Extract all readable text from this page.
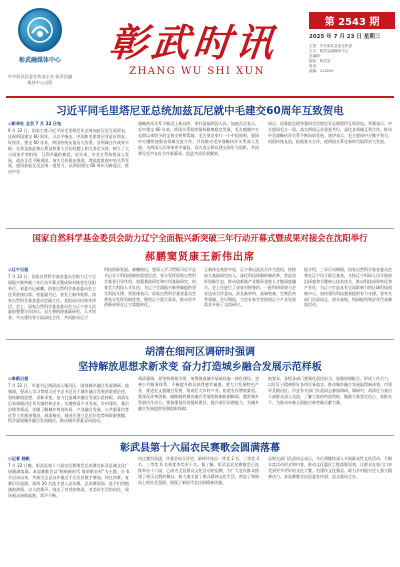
彰武融媒体中心
中共彰武县委宣传部主办 彰武县融媒体中心出版
彰武时讯
ZHANG WU SHI XUN
第 2543 期
2025 年 7 月 23 日 星期三
主管：中共彰武县委宣传部
主办：彰武县融媒体中心
总编辑：
地址：彰武县
电话：
邮编：123200
习近平同毛里塔尼亚总统加兹瓦尼就中毛建交60周年互致贺电
◎新华社 北京 7 月 22 日电
9 月 22 日，国家主席习近平同毛里塔尼亚总统加兹瓦尼互致贺电，庆祝两国建交 60 周年。习近平指出，中国和毛里塔尼亚是好朋友、好伙伴。建交 60 年来，两国传统友谊历久弥坚，各领域合作成果丰硕，在涉及彼此核心利益和重大关切问题上相互坚定支持，树立了大小国家平等相待、互利共赢的典范。近年来，中毛关系持续深入发展，政治互信不断巩固，务实合作稳步推进。我高度重视中毛关系发展，愿同加兹瓦尼总统一道努力，以两国建交 60 周年为新起点，推动中毛
战略伙伴关系不断迈上新台阶，更好造福两国人民。加兹瓦尼表示，毛中建交 60 年来，两国关系始终保持健康稳定发展，毛方感谢中方长期以来给予的宝贵支持和帮助。毛方坚定奉行一个中国原则，愿同中方继续加强各领域交流合作，共同推动毛中战略伙伴关系深入发展，为两国人民带来更多福祉。双方表示将以建交周年为契机，共同谱写毛中友好合作新篇章，促进共同发展繁荣。
同日，国务院总理李强同毛里塔尼亚总理贾伊互致贺电。李强表示，中方愿同毛方一道，落实两国元首重要共识，深化各领域互利合作，推动中毛战略伙伴关系不断向前发展。贾伊表示，毛方愿同中方携手努力，巩固传统友谊，拓展务实合作，使两国关系在新时代取得更大发展。
国家自然科学基金委员会助力辽宁全面振兴新突破三年行动开幕式暨成果对接会在沈阳举行
郝鹏窦贤康王新伟出席
◎辽宁日报
7 月 22 日，国家自然科学基金委员会助力辽宁全面振兴新突破三年行动开幕式暨成果对接会在沈阳举行。省委书记郝鹏，国家自然科学基金委员会主任窦贤康出席。省委副书记、省长王新伟致辞。国家自然科学基金委员会副主任、党组成员出席并讲话。会上，国家自然科学基金委员会与辽宁省人民政府签署合作协议，双方将围绕基础研究、人才培养、平台建设等方面深化合作，共同推动辽宁
科技创新发展。郝鹏指出，要深入学习贯彻习近平总书记关于科技创新的重要论述，充分发挥国家自然科学基金引导作用，加强基础研究和应用基础研究，培育壮大科技人才队伍，为辽宁全面振兴新突破提供坚实科技支撑。窦贤康表示，国家自然科学基金委员会将充分发挥资助优势，聚焦辽宁重大需求，推动更多创新成果在辽宁落地转化。
王新伟在致辞中说，辽宁将以此次合作为契机，持续加大基础研究投入，深化科技体制机制改革，营造良好创新生态，推动创新链产业链资金链人才链深度融合。会上还进行了成果对接签约，一批科研成果与企业达成合作意向，涉及新材料、高端装备、生物医药等领域。会议期间，与会专家学者围绕辽宁产业发展需求开展了交流研讨。
据介绍，三年行动期间，国家自然科学基金委员会将在辽宁设立联合基金，支持辽宁科研人员开展前沿探索和关键核心技术攻关，推动科技成果转化和产业化，为辽宁打造具有全国影响力的区域科技创新中心、加快建设科技强省提供有力支撑。省有关部门负责同志，部分高校、科研院所和企业代表参加活动。
胡清在细河区调研时强调
坚持解放思想求新求变 奋力打造城乡融合发展示范样板
◎阜新日报
7 月 22 日，市委书记胡清深入细河区，围绕城乡融合发展调研。他强调，要深入学习贯彻习近平总书记关于城乡融合发展的重要论述，坚持解放思想、求新求变，奋力打造城乡融合发展示范样板。胡清先后来到细河区有关镇村和企业，实地察看产业发展、乡村建设、基层治理等情况，详细了解城乡规划布局、产业融合发展、公共服务均等化等工作推进情况。胡清指出，细河区要立足区位优势和资源禀赋，科学谋划城乡融合发展路径，推动城乡要素双向流动。
胡清强调，要坚持规划引领，统筹推进城乡基础设施一体化建设，完善公共服务体系，不断提升群众获得感幸福感。要大力发展特色产业，推进农文旅融合发展，培育壮大乡村产业，拓宽农民增收渠道。要深化改革创新，破除制约城乡融合发展的体制机制障碍，激发城乡发展内生动力。要加强基层党组织建设，提升基层治理能力，为城乡融合发展提供坚强组织保障。
他要求，各级各部门要强化责任担当，加强协调配合，形成工作合力，以钉钉子精神抓好各项任务落实，推动城乡融合发展取得新成效。市领导及细河区、市直有关部门负责同志参加调研。调研中，胡清还与基层干部群众深入交流，了解大家的所思所盼，勉励大家坚定信心、真抓实干，为推动阜新全面振兴新突破贡献力量。
彰武县第十六届农民赛歌会圆满落幕
◎记者 杨帆
7 月 22 日晚，彰武县第十六届农民赛歌会总决赛在彰武县城文化广场圆满落幕。本届赛歌会以“唱响新时代 歌颂新农村”为主题，自 6 月启动以来，共吸引全县各乡镇近千名农民歌手参加，经过初赛、复赛层层选拔，最终 20 名选手进入总决赛。总决赛现场，选手们用饱满的热情、动人的歌声，唱出了对党的热爱、对美好生活的向往，现场观众热情高涨，掌声不断。
经过激烈角逐，评委会综合评定，最终评选出一等奖 2 名、二等奖 4 名、三等奖 6 名和优秀奖若干名。据了解，彰武县农民赛歌会已连续举办十六届，已成为全县群众文化活动的品牌，为广大农民群众搭建了展示自我的舞台，极大地丰富了群众精神文化生活，营造了和谐向上的社会氛围，展现了新时代农民的精神风貌。
县相关部门负责同志表示，今后将继续深入开展群众性文化活动，不断丰富活动形式和内容，推动文化惠民工程落地见效，让群众在家门口享受到更多更好的文化大餐，为建设文化强县、助力乡村振兴注入强大精神动力。本届赛歌会由县委宣传部、县文旅局主办。
